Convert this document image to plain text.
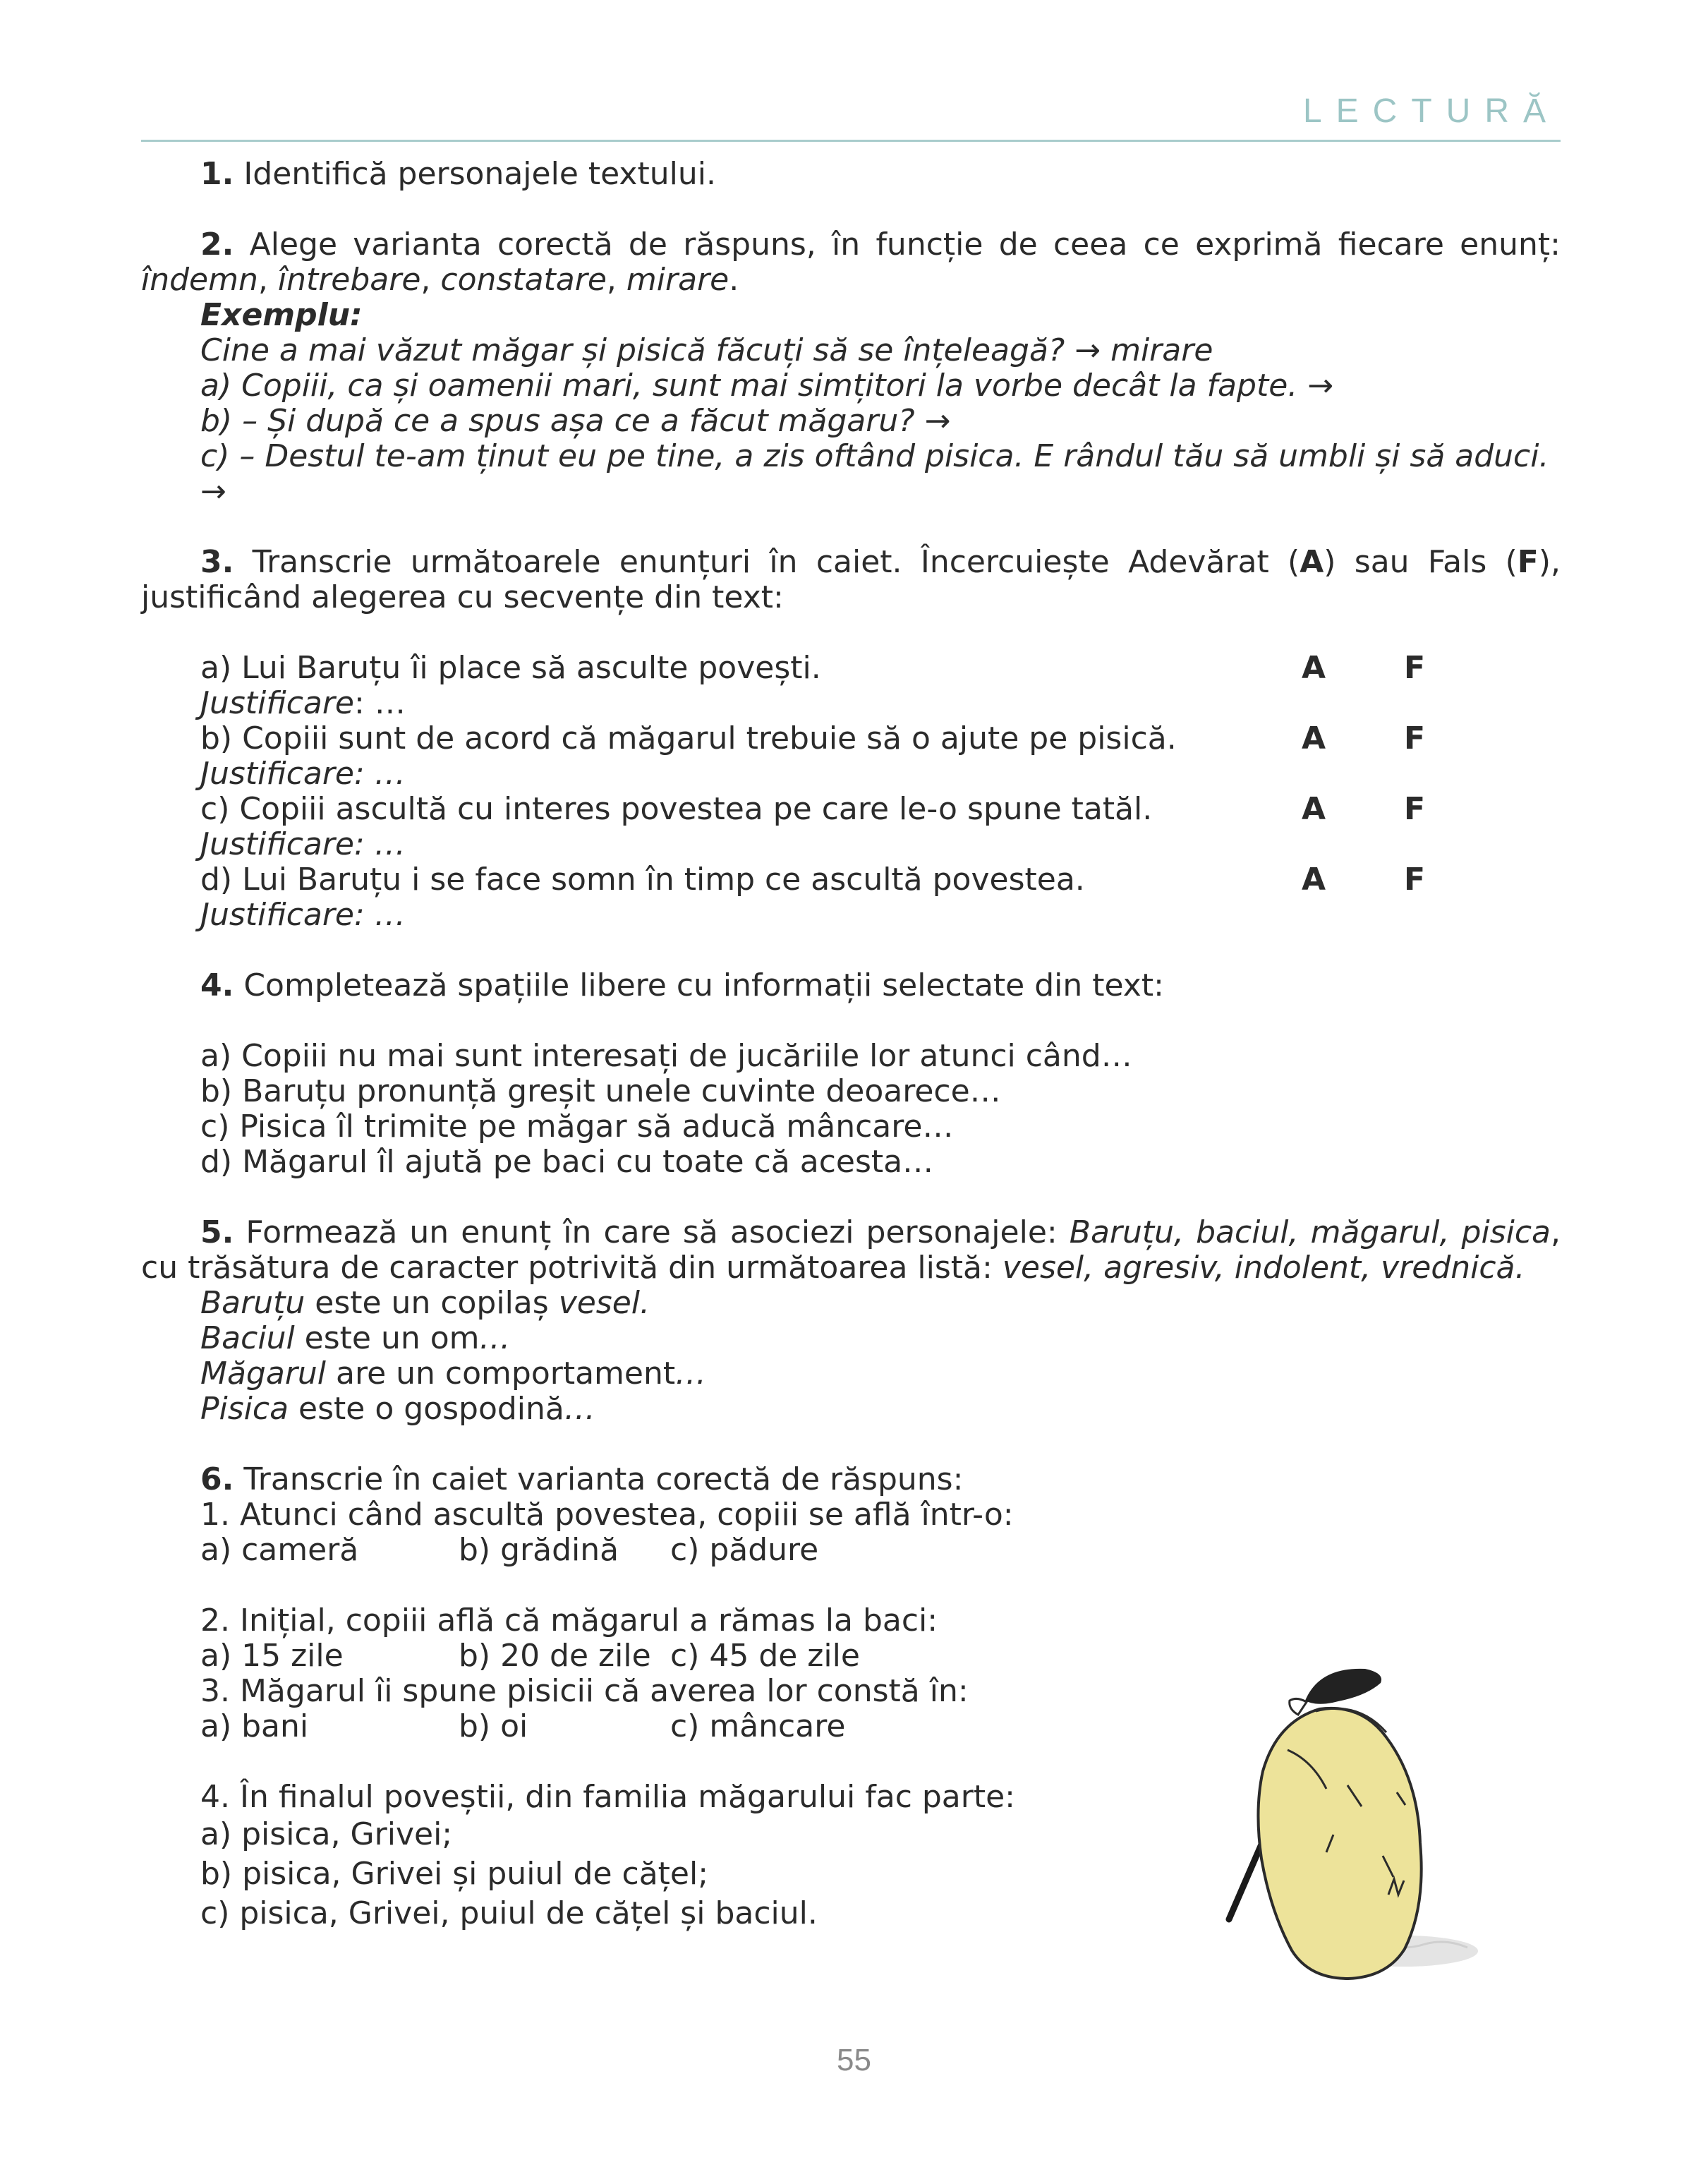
LECTURĂ

1. Identifică personajele textului.

2. Alege varianta corectă de răspuns, în funcție de ceea ce exprimă fiecare enunț: îndemn, întrebare, constatare, mirare.

Exemplu:

Cine a mai văzut măgar și pisică făcuți să se înțeleagă? → mirare

a) Copiii, ca și oamenii mari, sunt mai simțitori la vorbe decât la fapte. →

b) – Și după ce a spus așa ce a făcut măgaru? →

c) – Destul te-am ținut eu pe tine, a zis oftând pisica. E rândul tău să umbli și să aduci. →

3. Transcrie următoarele enunțuri în caiet. Încercuiește Adevărat (A) sau Fals (F), justificând alegerea cu secvențe din text:

a) Lui Baruțu îi place să asculte povești.	A	F

Justificare: …

b) Copiii sunt de acord că măgarul trebuie să o ajute pe pisică.	A	F

Justificare: …

c) Copiii ascultă cu interes povestea pe care le-o spune tatăl.	A	F

Justificare: …

d) Lui Baruțu i se face somn în timp ce ascultă povestea.	A	F

Justificare: …

4. Completează spațiile libere cu informații selectate din text:

a) Copiii nu mai sunt interesați de jucăriile lor atunci când…

b) Baruțu pronunță greșit unele cuvinte deoarece…

c) Pisica îl trimite pe măgar să aducă mâncare…

d) Măgarul îl ajută pe baci cu toate că acesta…

5. Formează un enunț în care să asociezi personajele: Baruțu, baciul, măgarul, pisica, cu trăsătura de caracter potrivită din următoarea listă: vesel, agresiv, indolent, vrednică.

Baruțu este un copilaș vesel.

Baciul este un om…

Măgarul are un comportament…

Pisica este o gospodină…

6. Transcrie în caiet varianta corectă de răspuns:

1. Atunci când ascultă povestea, copiii se află într-o:

a) cameră	b) grădină c) pădure

2. Inițial, copiii află că măgarul a rămas la baci:

a) 15 zile	b) 20 de zile c) 45 de zile

3. Măgarul îi spune pisicii că averea lor constă în:

a) bani	b) oi	c) mâncare

4. În finalul poveștii, din familia măgarului fac parte:

a) pisica, Grivei;

b) pisica, Grivei și puiul de cățel;

c) pisica, Grivei, puiul de cățel și baciul.

55
